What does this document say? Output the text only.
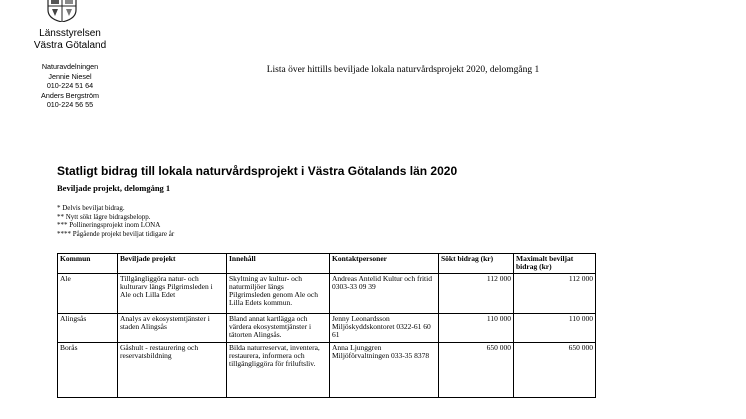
Länsstyrelsen
Västra Götaland
Naturavdelningen
Jennie Niesel
010-224 51 64
Anders Bergström
010-224 56 55
Lista över hittills beviljade lokala naturvårdsprojekt 2020, delomgång 1
Statligt bidrag till lokala naturvårdsprojekt i Västra Götalands län 2020
Beviljade projekt, delomgång 1
* Delvis beviljat bidrag.
** Nytt sökt lägre bidragsbelopp.
*** Pollineringsprojekt inom LONA
**** Pågående projekt beviljat tidigare år
Kommun	Beviljade projekt	Innehåll	Kontaktpersoner	Sökt bidrag (kr)	Maximalt beviljat bidrag (kr)
Ale	Tillgängliggöra natur- och kulturarv längs Pilgrimsleden i Ale och Lilla Edet	Skyltning av kultur- och naturmiljöer längs Pilgrimsleden genom Ale och Lilla Edets kommun.	Andreas Antelid Kultur och fritid 0303-33 09 39	112 000	112 000
Alingsås	Analys av ekosystemtjänster i staden Alingsås	Bland annat kartlägga och värdera ekosystemtjänster i tätorten Alingsås.	Jenny Leonardsson Miljöskyddskontoret 0322-61 60 61	110 000	110 000
Borås	Gåshult - restaurering och reservatsbildning	Bilda naturreservat, inventera, restaurera, informera och tillgängliggöra för friluftsliv.	Anna Ljunggren Miljöförvaltningen 033-35 8378	650 000	650 000
